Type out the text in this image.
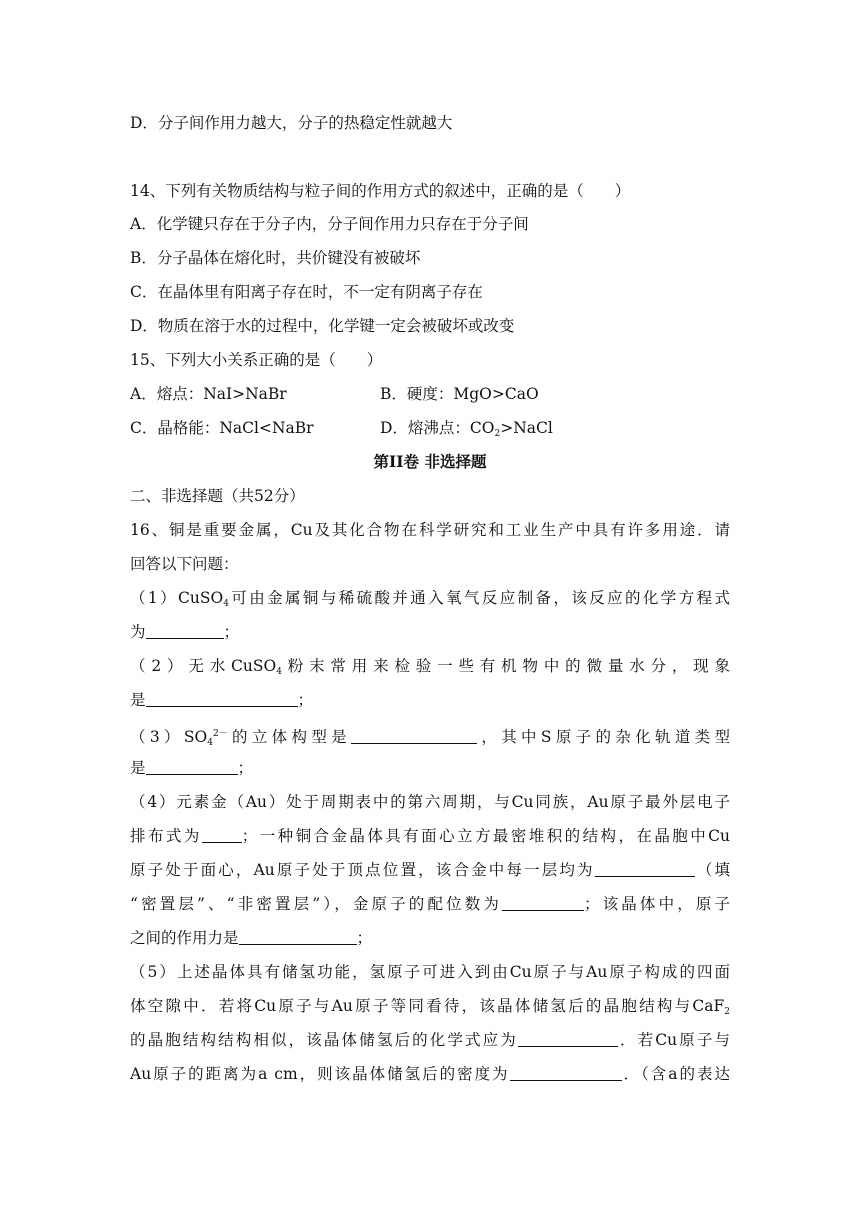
D．分子间作用力越大，分子的热稳定性就越大
14、下列有关物质结构与粒子间的作用方式的叙述中，正确的是（　　）
A．化学键只存在于分子内，分子间作用力只存在于分子间
B．分子晶体在熔化时，共价键没有被破坏
C．在晶体里有阳离子存在时，不一定有阴离子存在
D．物质在溶于水的过程中，化学键一定会被破坏或改变
15、下列大小关系正确的是（　　）
A．熔点：NaI>NaBr	B．硬度：MgO>CaO
C．晶格能：NaCl<NaBr	D．熔沸点：$CO_2>NaCl$
第II卷 非选择题
二、非选择题（共52分）
16、铜是重要金属，Cu及其化合物在科学研究和工业生产中具有许多用途．请
回答以下问题：
（1）CuSO$_4$可由金属铜与稀硫酸并通入氧气反应制备，该反应的化学方程式
为	；
（2）无水CuSO$_4$粉末常用来检验一些有机物中的微量水分，现象
是	；
$(3)SO_4^{2-}$的立体构型是	，其中S原子的杂化轨道类型
是	；
（4）元素金（Au）处于周期表中的第六周期，与Cu同族，Au原子最外层电子
排布式为	；一种铜合金晶体具有面心立方最密堆积的结构，在晶胞中Cu
原子处于面心，Au原子处于顶点位置，该合金中每一层均为	（填
“密置层”、“非密置层”），金原子的配位数为	；该晶体中，原子
之间的作用力是	；
（5）上述晶体具有储氢功能，氢原子可进入到由Cu原子与Au原子构成的四面
体空隙中．若将Cu原子与Au原子等同看待，该晶体储氢后的晶胞结构与CaF$_2$
的晶胞结构结构相似，该晶体储氢后的化学式应为	．若Cu原子与
Au原子的距离为a cm，则该晶体储氢后的密度为	．（含a的表达
